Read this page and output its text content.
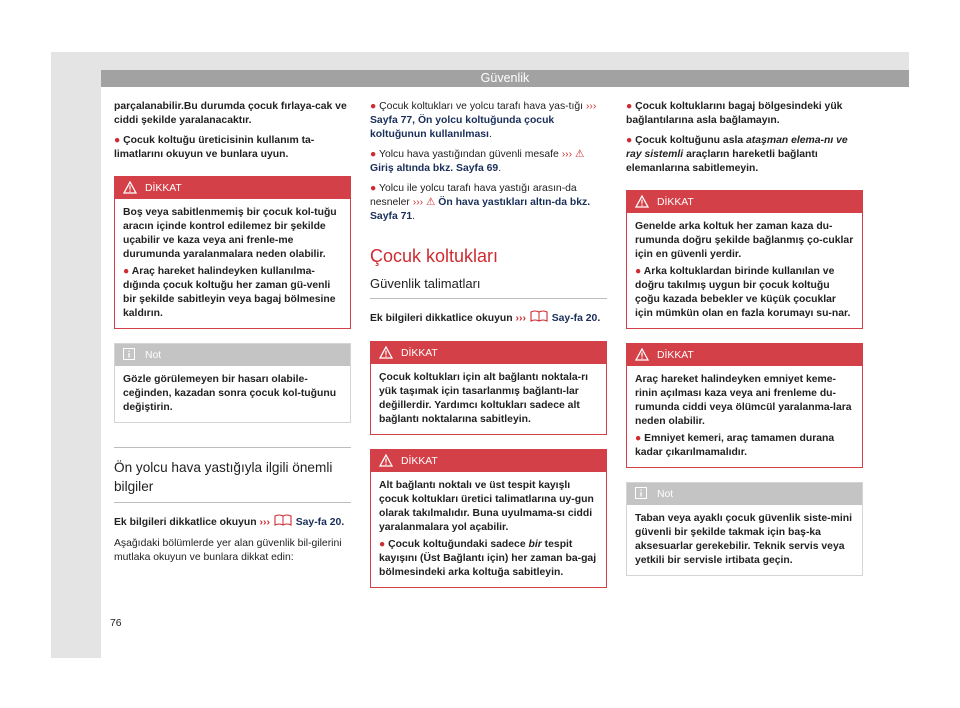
Güvenlik

parçalanabilir.Bu durumda çocuk fırlaya-cak ve ciddi şekilde yaralanacaktır.

● Çocuk koltuğu üreticisinin kullanım ta-limatlarını okuyun ve bunlara uyun.

DİKKAT

Boş veya sabitlenmemiş bir çocuk kol-tuğu aracın içinde kontrol edilemez bir şekilde uçabilir ve kaza veya ani frenle-me durumunda yaralanmalara neden olabilir.

● Araç hareket halindeyken kullanılma-dığında çocuk koltuğu her zaman gü-venli bir şekilde sabitleyin veya bagaj bölmesine kaldırın.

Not

Gözle görülemeyen bir hasarı olabile-ceğinden, kazadan sonra çocuk kol-tuğunu değiştirin.

Ön yolcu hava yastığıyla ilgili önemli bilgiler

Ek bilgileri dikkatlice okuyun ››› Say-fa 20.

Aşağıdaki bölümlerde yer alan güvenlik bil-gilerini mutlaka okuyun ve bunlara dikkat edin:

● Çocuk koltukları ve yolcu tarafı hava yas-tığı ››› Sayfa 77, Ön yolcu koltuğunda çocuk koltuğunun kullanılması.

● Yolcu hava yastığından güvenli mesafe ››› ⚠ Giriş altında bkz. Sayfa 69.

● Yolcu ile yolcu tarafı hava yastığı arasın-da nesneler ››› ⚠ Ön hava yastıkları altın-da bkz. Sayfa 71.

Çocuk koltukları
Güvenlik talimatları

Ek bilgileri dikkatlice okuyun ››› Say-fa 20.

DİKKAT

Çocuk koltukları için alt bağlantı noktala-rı yük taşımak için tasarlanmış bağlantı-lar değillerdir. Yardımcı koltukları sadece alt bağlantı noktalarına sabitleyin.

DİKKAT

Alt bağlantı noktalı ve üst tespit kayışlı çocuk koltukları üretici talimatlarına uy-gun olarak takılmalıdır. Buna uyulmama-sı ciddi yaralanmalara yol açabilir.

● Çocuk koltuğundaki sadece bir tespit kayışını (Üst Bağlantı için) her zaman ba-gaj bölmesindeki arka koltuğa sabitleyin.

● Çocuk koltuklarını bagaj bölgesindeki yük bağlantılarına asla bağlamayın.

● Çocuk koltuğunu asla ataşman elema-nı ve ray sistemli araçların hareketli bağlantı elemanlarına sabitlemeyin.

DİKKAT

Genelde arka koltuk her zaman kaza du-rumunda doğru şekilde bağlanmış ço-cuklar için en güvenli yerdir.

● Arka koltuklardan birinde kullanılan ve doğru takılmış uygun bir çocuk koltuğu çoğu kazada bebekler ve küçük çocuklar için mümkün olan en fazla korumayı su-nar.

DİKKAT

Araç hareket halindeyken emniyet keme-rinin açılması kaza veya ani frenleme du-rumunda ciddi veya ölümcül yaralanma-lara neden olabilir.

● Emniyet kemeri, araç tamamen durana kadar çıkarılmamalıdır.

Not

Taban veya ayaklı çocuk güvenlik siste-mini güvenli bir şekilde takmak için baş-ka aksesuarlar gerekebilir. Teknik servis veya yetkili bir servisle irtibata geçin.

76
